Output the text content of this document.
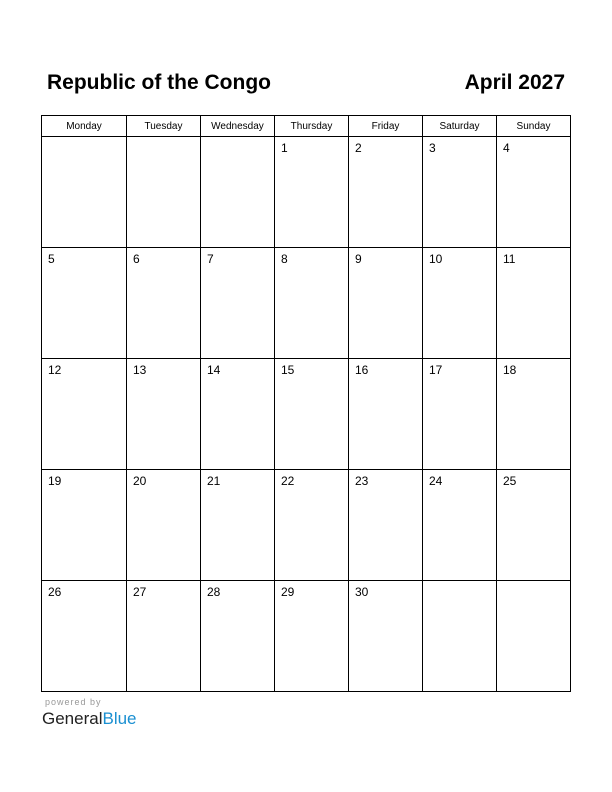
Republic of the Congo	April 2027
Monday	Tuesday	Wednesday	Thursday	Friday	Saturday	Sunday

			1	2	3	4

5	6	7	8	9	10	11

12	13	14	15	16	17	18

19	20	21	22	23	24	25

26	27	28	29	30		

powered by
GeneralBlue
